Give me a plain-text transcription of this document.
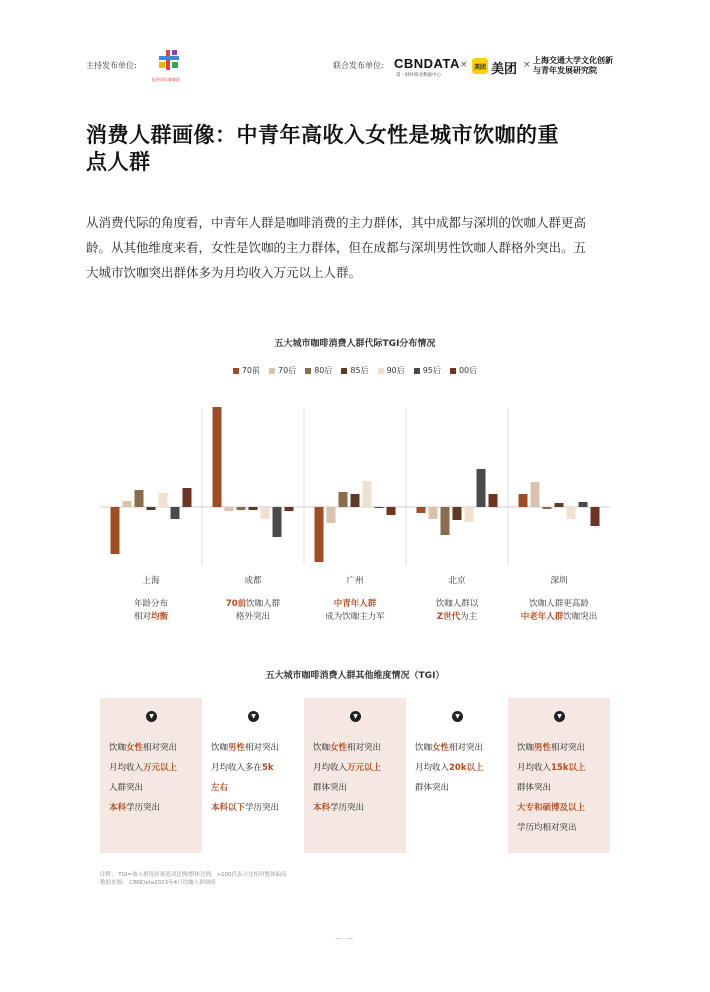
主持发布单位:
虹桥国际咖啡港
联合发布单位: CBNDATA
第一财经商业数据中心
×	美团 美团 × 上海交通大学文化创新
与青年发展研究院
消费人群画像：中青年高收入女性是城市饮咖的重
点人群
从消费代际的角度看，中青年人群是咖啡消费的主力群体，其中成都与深圳的饮咖人群更高
龄。从其他维度来看，女性是饮咖的主力群体，但在成都与深圳男性饮咖人群格外突出。五
大城市饮咖突出群体多为月均收入万元以上人群。
五大城市咖啡消费人群代际TGI分布情况
70前	70后	80后	85后	90后	95后	00后
上海	成都	广州	北京	深圳
年龄分布
相对均衡
70前饮咖人群
格外突出
中青年人群
成为饮咖主力军
饮咖人群以
Z世代为主
饮咖人群更高龄
中老年人群饮咖突出
五大城市咖啡消费人群其他维度情况（TGI）
▼
饮咖女性相对突出
月均收入万元以上
人群突出
本科学历突出
▼
饮咖男性相对突出
月均收入多在5k
左右
本科以下学历突出
▼
饮咖女性相对突出
月均收入万元以上
群体突出
本科学历突出
▼
饮咖女性相对突出
月均收入20k以上
群体突出
▼
饮咖男性相对突出
月均收入15k以上
群体突出
大专和硕博及以上
学历均相对突出
注释： TGI=该人群选择该选项比例/整体比例，>100代表占比相对整体偏高
数据来源： CBNData2023年4月饮咖人群调研
— —
